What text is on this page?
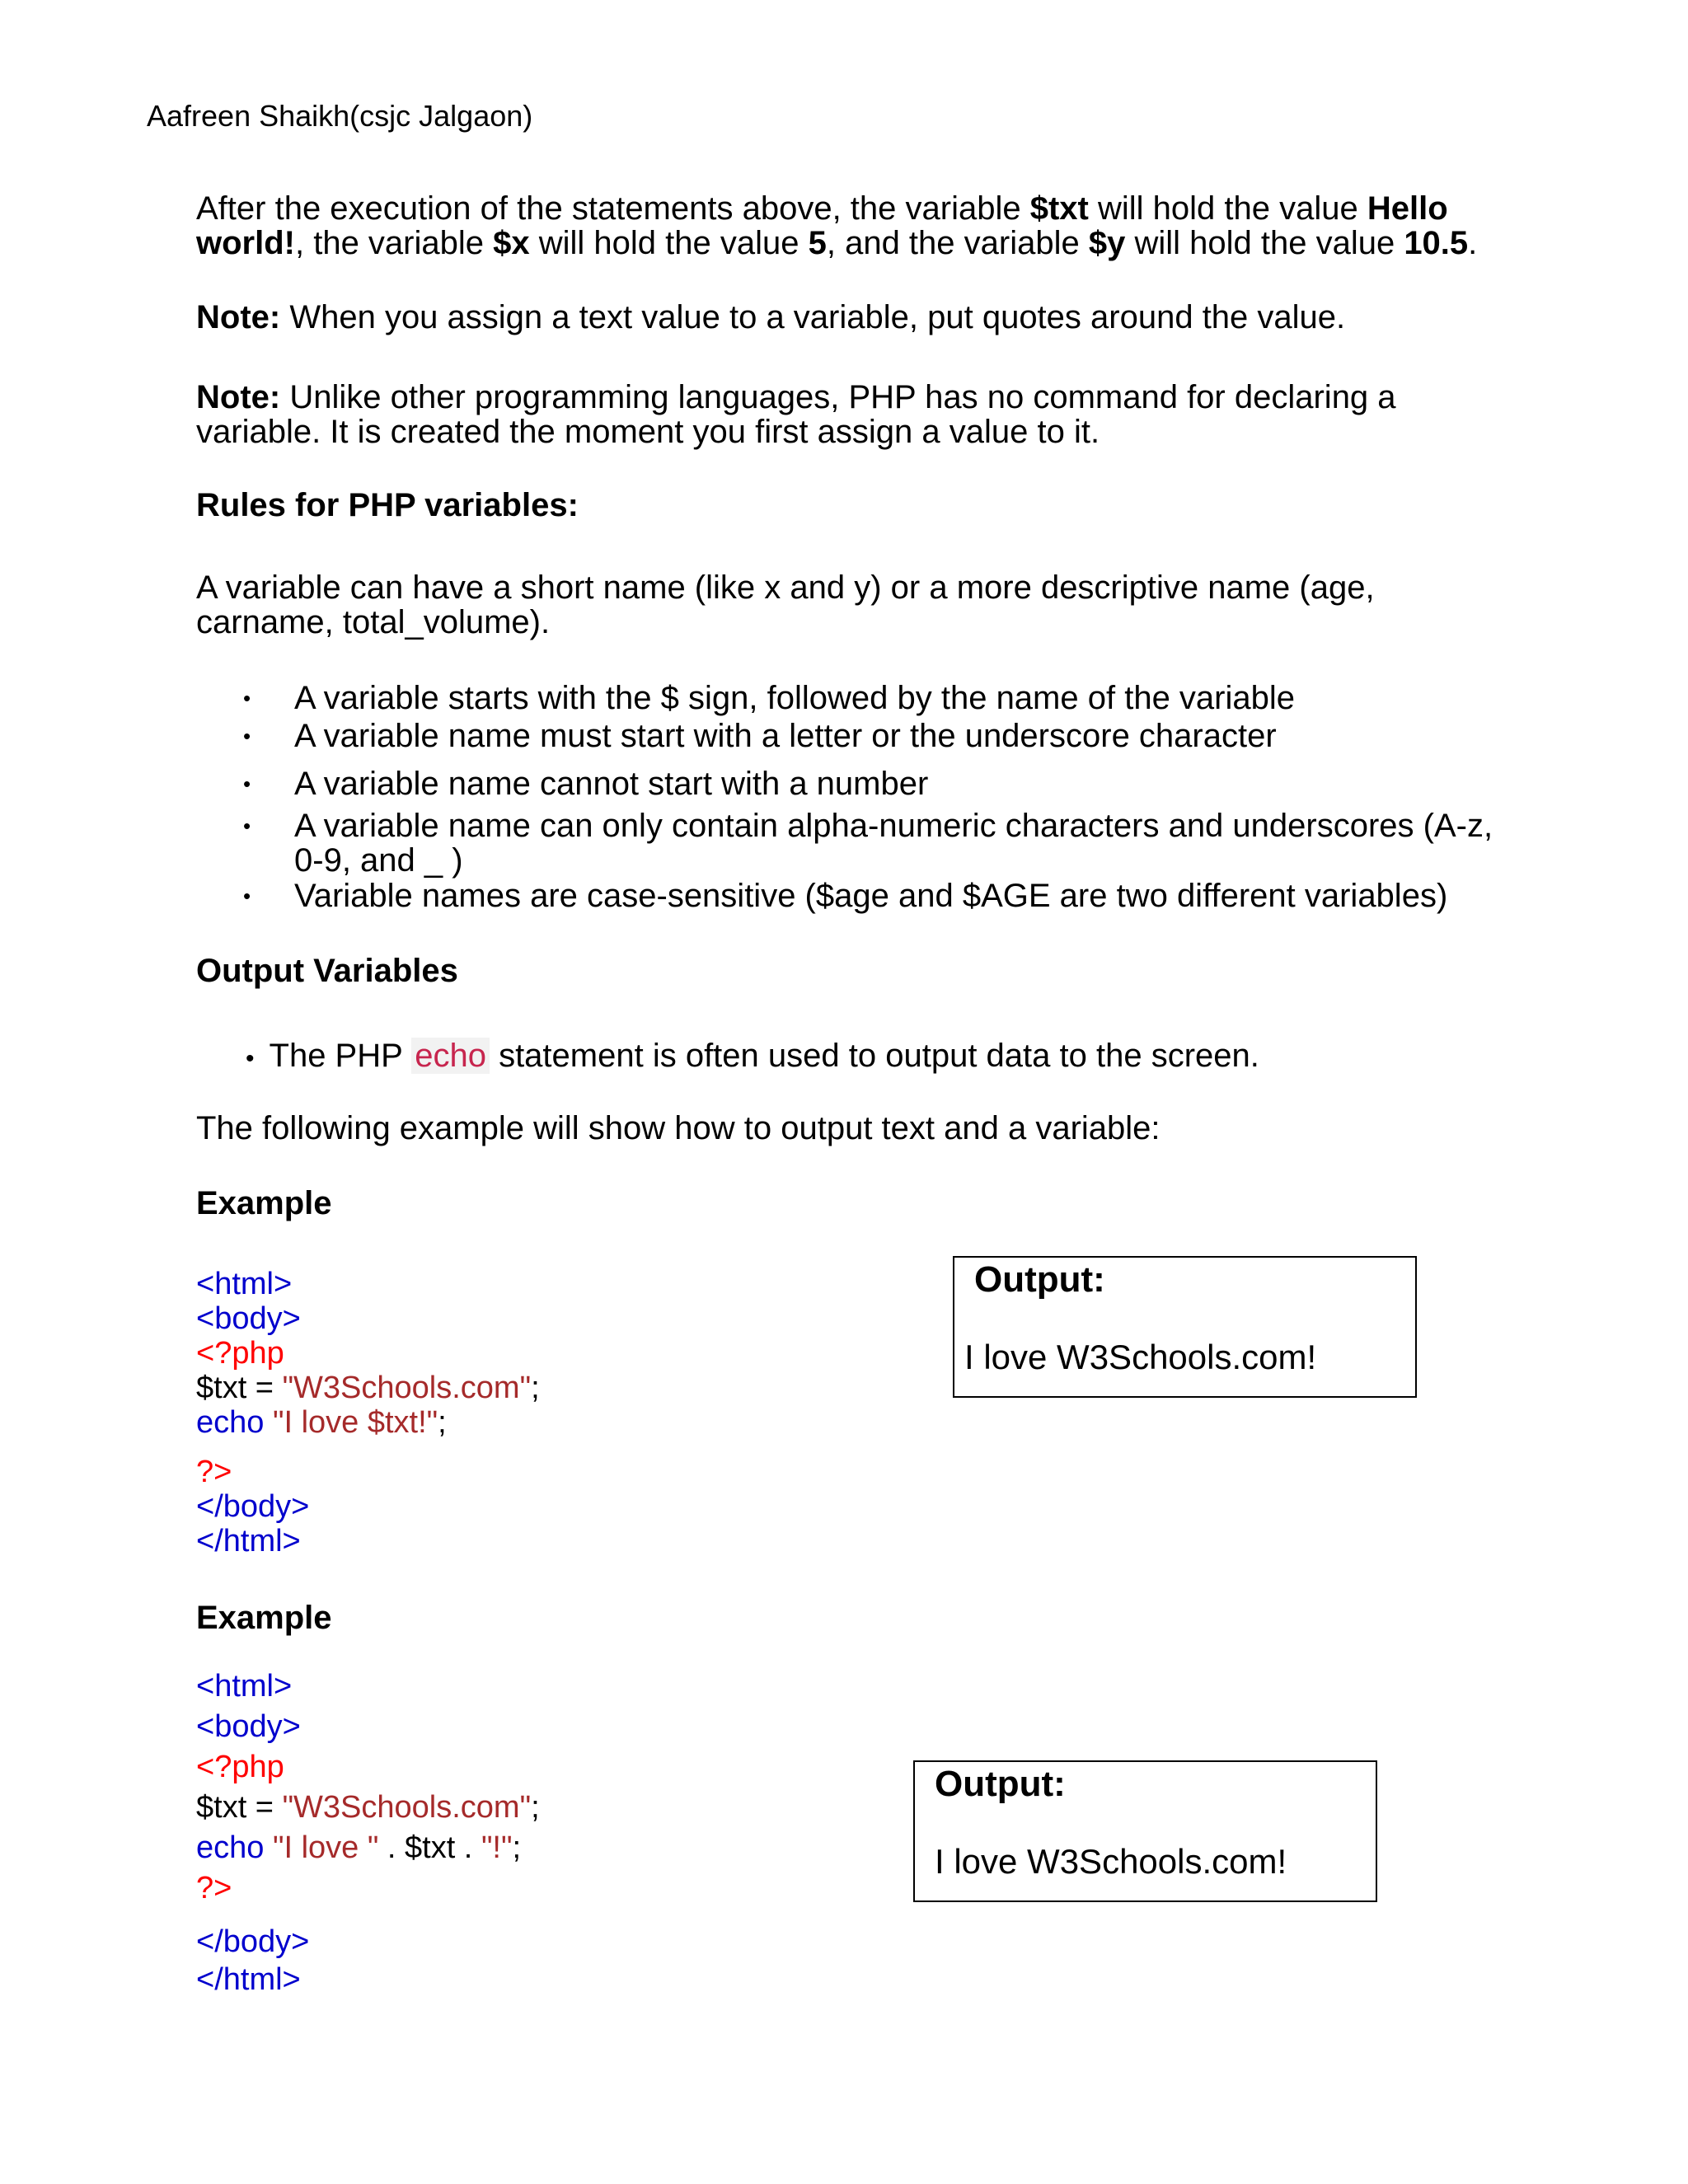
Aafreen Shaikh(csjc Jalgaon)

After the execution of the statements above, the variable $txt will hold the value Hello
world!, the variable $x will hold the value 5, and the variable $y will hold the value 10.5.

Note: When you assign a text value to a variable, put quotes around the value.

Note: Unlike other programming languages, PHP has no command for declaring a variable. It is created the moment you first assign a value to it.

Rules for PHP variables:

A variable can have a short name (like x and y) or a more descriptive name (age, carname, total_volume).

• A variable starts with the $ sign, followed by the name of the variable
• A variable name must start with a letter or the underscore character
• A variable name cannot start with a number
• A variable name can only contain alpha-numeric characters and underscores (A-z, 0-9, and _ )
• Variable names are case-sensitive ($age and $AGE are two different variables)
Output Variables
• The PHP echo statement is often used to output data to the screen.

The following example will show how to output text and a variable:

Example
<html>
<body>
<?php
$txt = "W3Schools.com";
echo "I love $txt!";

?>
</body>
</html>
Output:
I love W3Schools.com!
Example
<html>
<body>
<?php
$txt = "W3Schools.com";
echo "I love " . $txt . "!";
?>
</body>
</html>
Output:
I love W3Schools.com!
